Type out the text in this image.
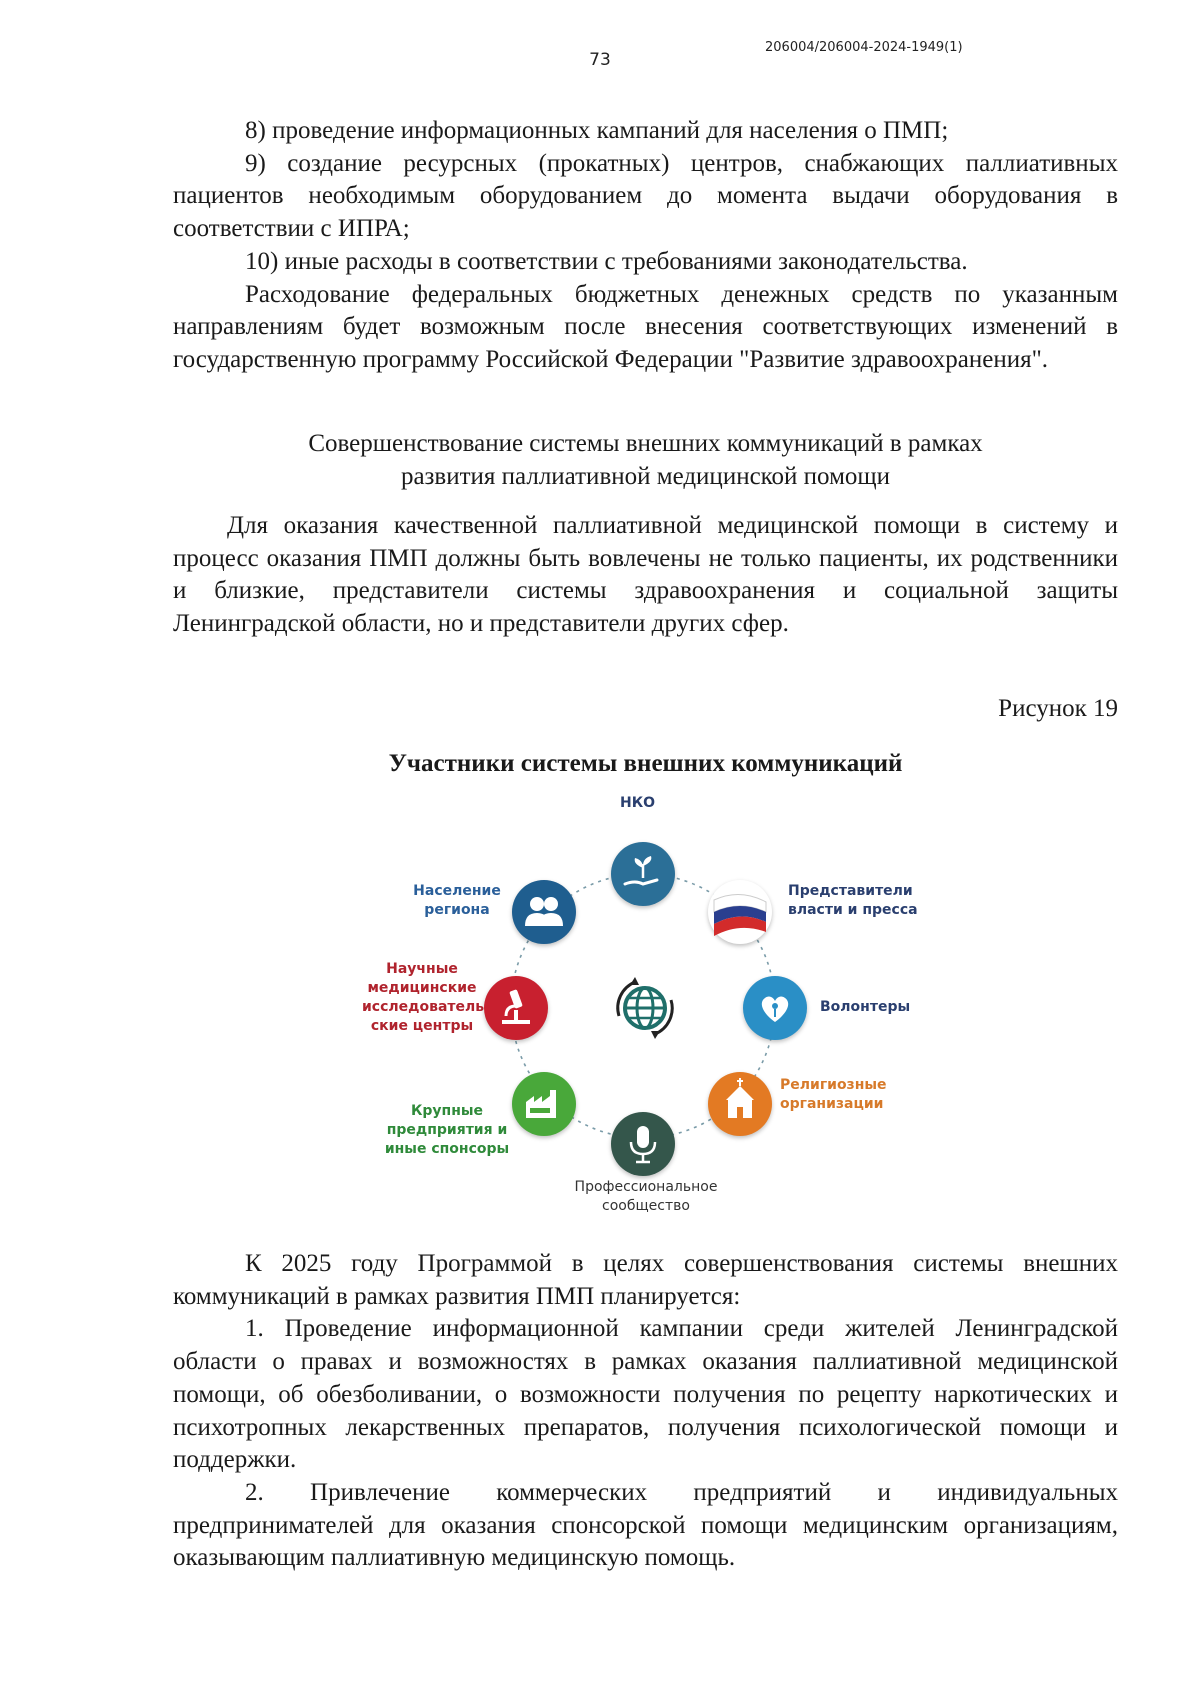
206004/206004-2024-1949(1)
73

8) проведение информационных кампаний для населения о ПМП;

9) создание ресурсных (прокатных) центров, снабжающих паллиативных пациентов необходимым оборудованием до момента выдачи оборудования в соответствии с ИПРА;

10) иные расходы в соответствии с требованиями законодательства.

Расходование федеральных бюджетных денежных средств по указанным направлениям будет возможным после внесения соответствующих изменений в государственную программу Российской Федерации "Развитие здравоохранения".

Совершенствование системы внешних коммуникаций в рамках

развития паллиативной медицинской помощи

Для оказания качественной паллиативной медицинской помощи в систему и процесс оказания ПМП должны быть вовлечены не только пациенты, их родственники и близкие, представители системы здравоохранения и социальной защиты Ленинградской области, но и представители других сфер.

Рисунок 19

Участники системы внешних коммуникаций

НКО
Представители
власти и пресса
Волонтеры
Религиозные
организации
Профессиональное
сообщество
Крупные
предприятия и
иные спонсоры
Научные
медицинские
исследователь
ские центры
Население
региона

К 2025 году Программой в целях совершенствования системы внешних коммуникаций в рамках развития ПМП планируется:

1. Проведение информационной кампании среди жителей Ленинградской области о правах и возможностях в рамках оказания паллиативной медицинской помощи, об обезболивании, о возможности получения по рецепту наркотических и психотропных лекарственных препаратов, получения психологической помощи и поддержки.

2. Привлечение коммерческих предприятий и индивидуальных предпринимателей для оказания спонсорской помощи медицинским организациям, оказывающим паллиативную медицинскую помощь.
